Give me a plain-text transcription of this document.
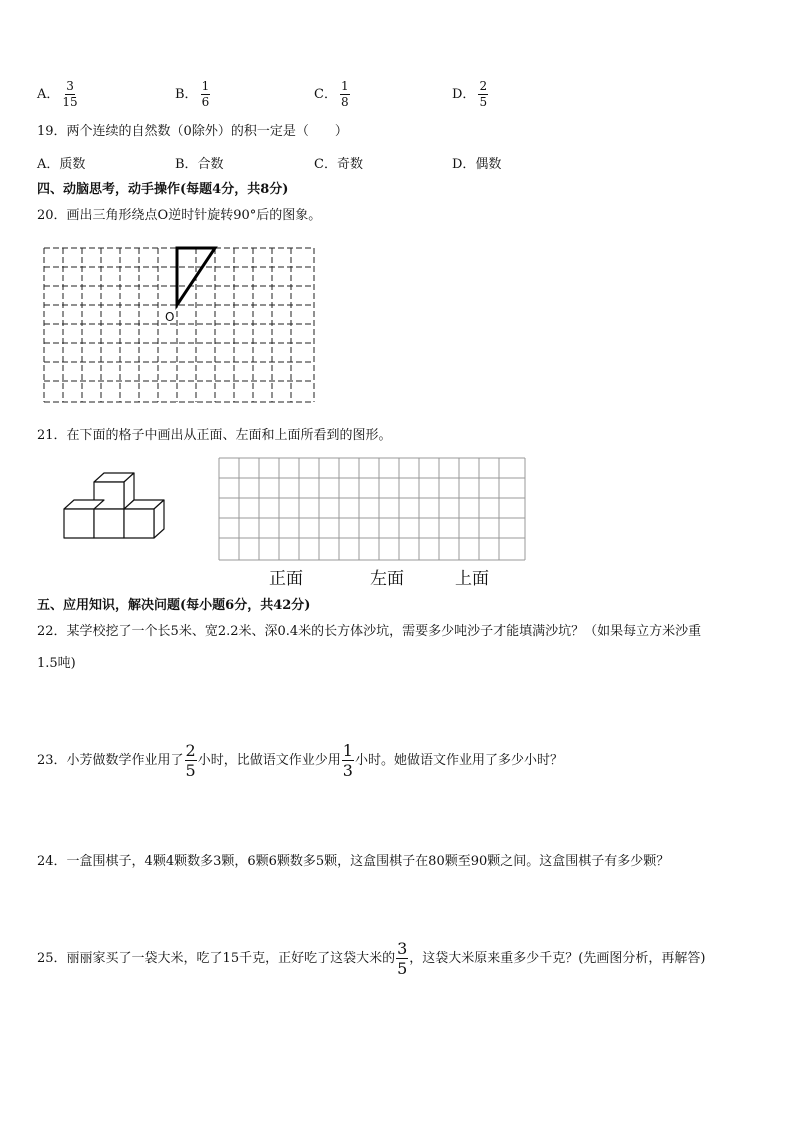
A． $\frac{3}{15}$	B． $\frac{1}{6}$	C． $\frac{1}{8}$	D． $\frac{2}{5}$
19．两个连续的自然数（0除外）的积一定是（　　）
A．质数	B．合数	C．奇数	D．偶数
四、动脑思考，动手操作(每题4分，共8分)
20．画出三角形绕点O逆时针旋转90°后的图象。
O
21．在下面的格子中画出从正面、左面和上面所看到的图形。
正面	左面	上面
五、应用知识，解决问题(每小题6分，共42分)
22．某学校挖了一个长5米、宽2.2米、深0.4米的长方体沙坑，需要多少吨沙子才能填满沙坑？（如果每立方米沙重
1.5吨)
23．小芳做数学作业用了 $\frac{2}{5}$ 小时，比做语文作业少用 $\frac{1}{3}$ 小时。她做语文作业用了多少小时？
24．一盒围棋子，4颗4颗数多3颗，6颗6颗数多5颗，这盒围棋子在80颗至90颗之间。这盒围棋子有多少颗？
25．丽丽家买了一袋大米，吃了15千克，正好吃了这袋大米的 $\frac{3}{5}$ ，这袋大米原来重多少千克？(先画图分析，再解答)
